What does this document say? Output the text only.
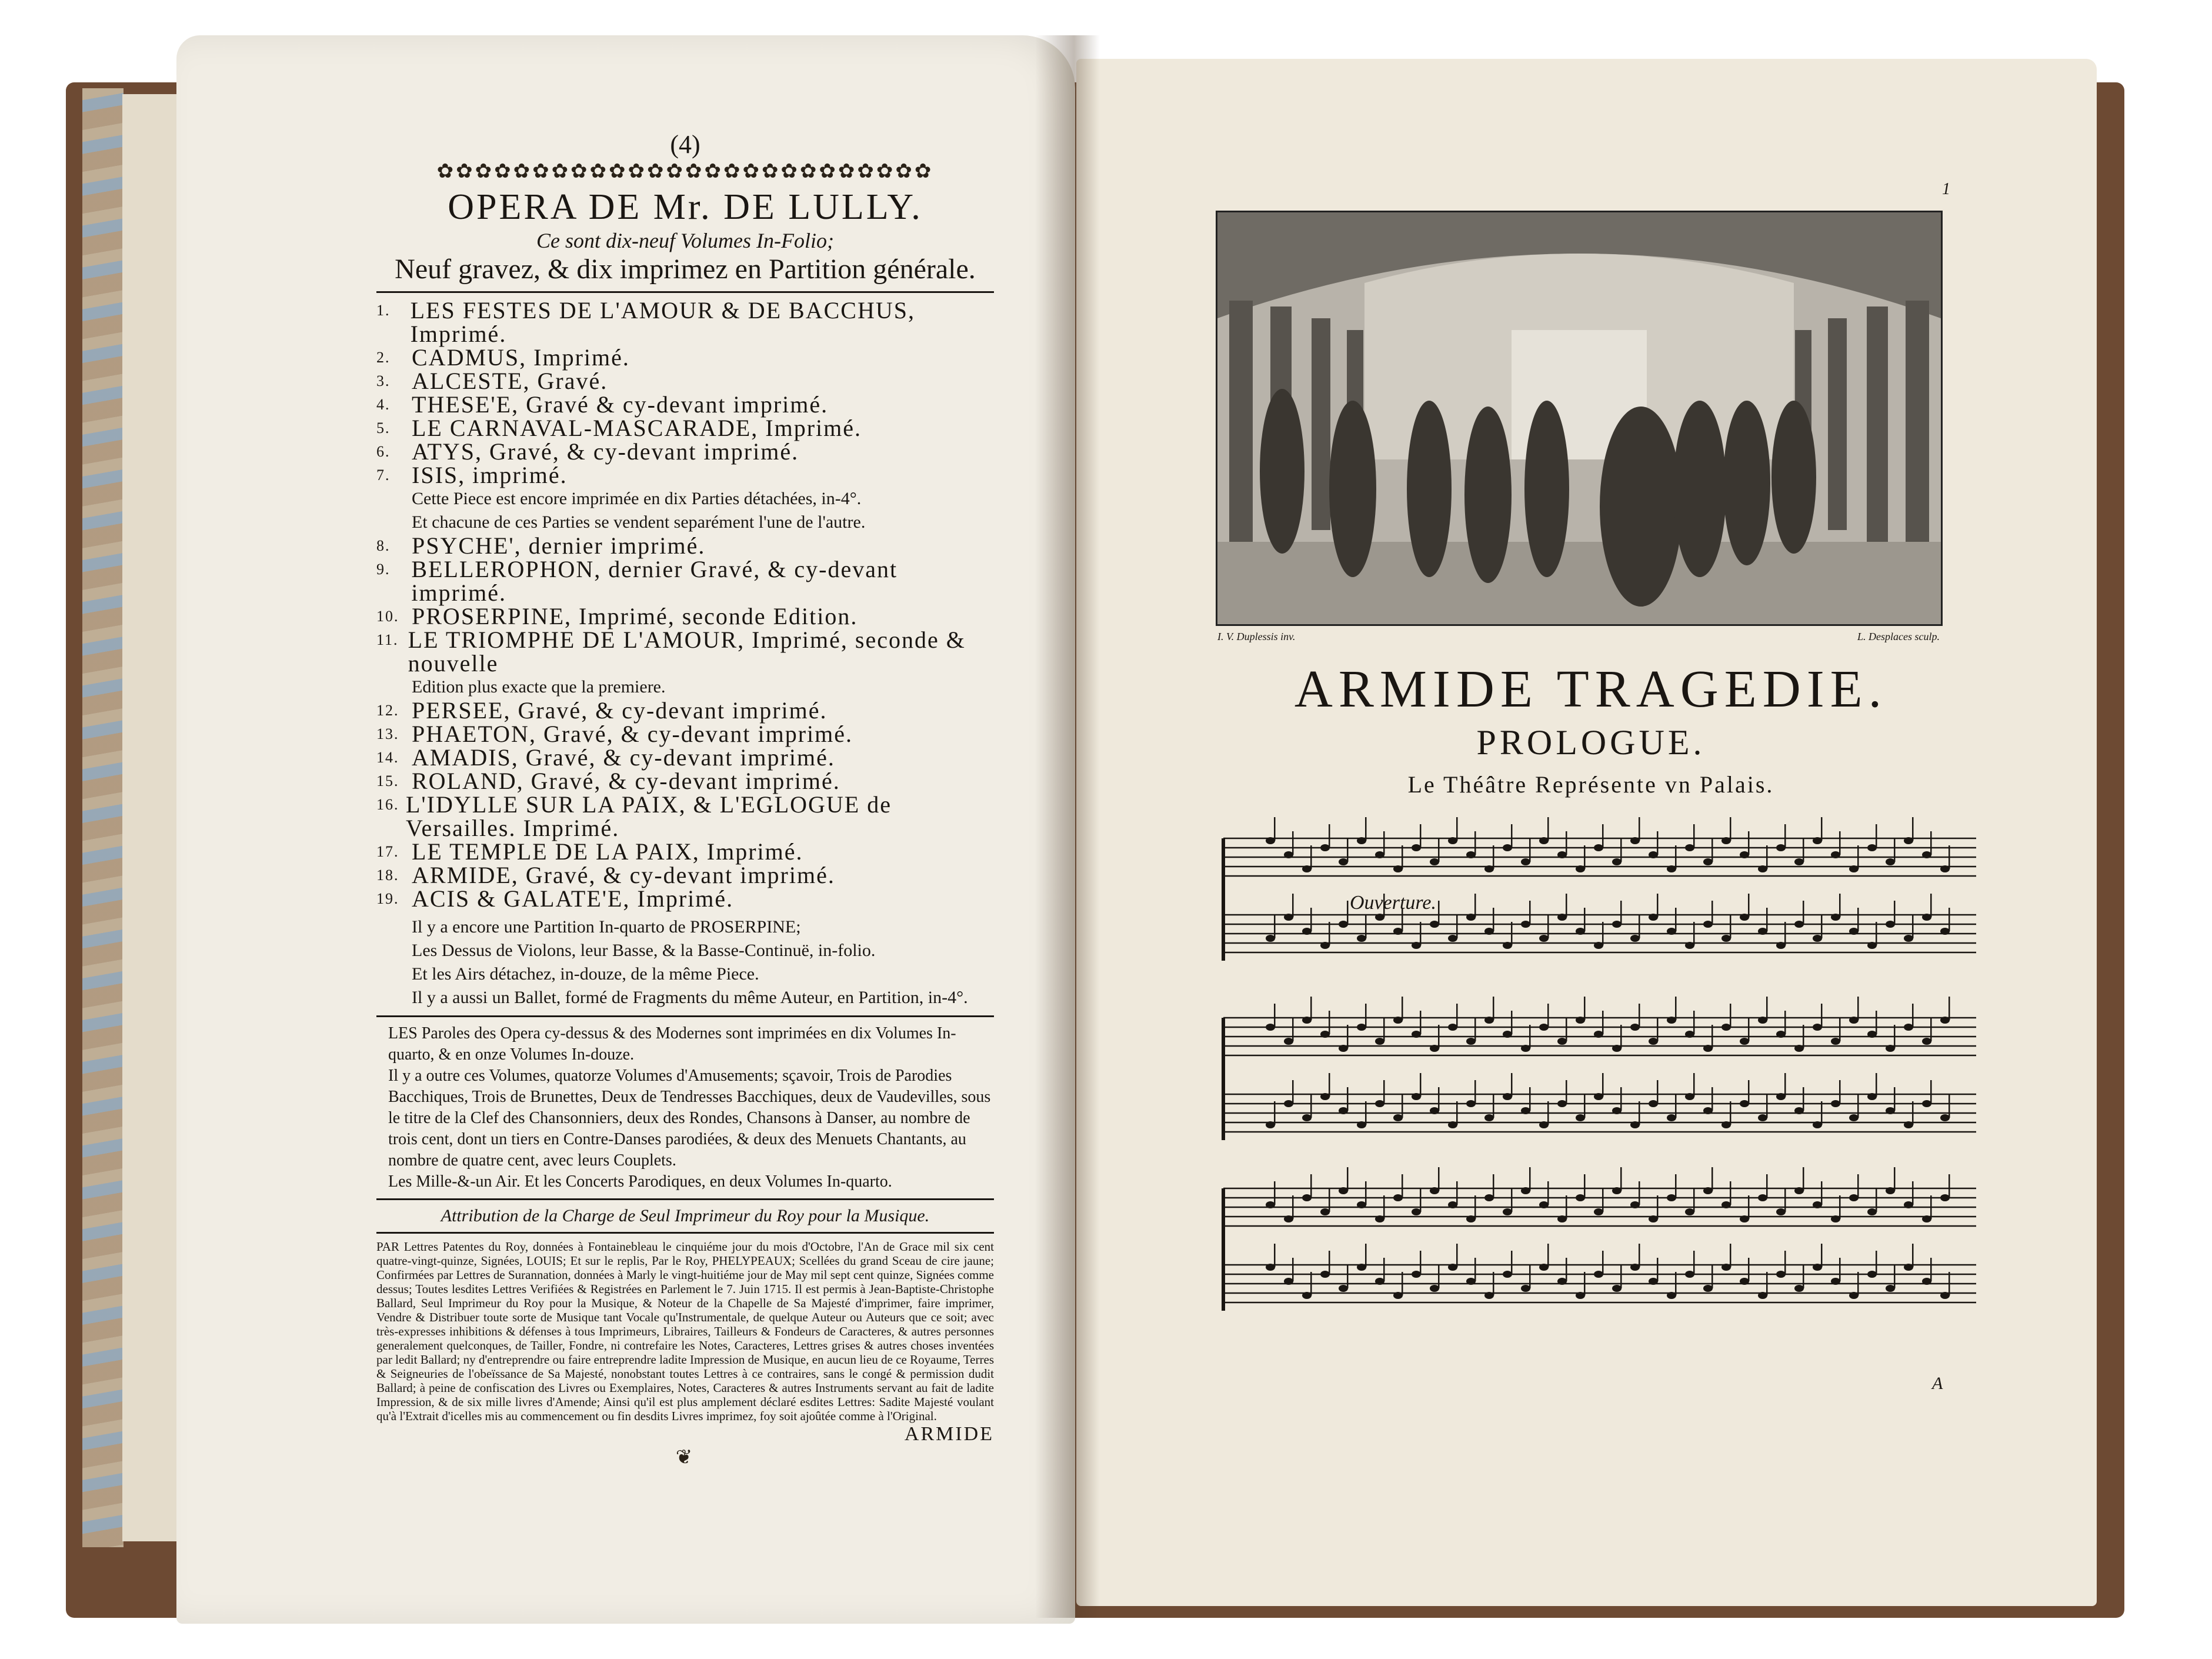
(4)
✿✿✿✿✿✿✿✿✿✿✿✿✿✿✿✿✿✿✿✿✿✿✿✿✿✿
OPERA DE Mr. DE LULLY.
Ce sont dix-neuf Volumes In-Folio;
Neuf gravez, & dix imprimez en Partition générale.
1. LES FESTES DE L'AMOUR & DE BACCHUS, Imprimé.
2. CADMUS, Imprimé.
3. ALCESTE, Gravé.
4. THESE'E, Gravé & cy-devant imprimé.
5. LE CARNAVAL-MASCARADE, Imprimé.
6. ATYS, Gravé, & cy-devant imprimé.
7. ISIS, imprimé.
Cette Piece est encore imprimée en dix Parties détachées, in-4°.
Et chacune de ces Parties se vendent separément l'une de l'autre.
8. PSYCHE', dernier imprimé.
9. BELLEROPHON, dernier Gravé, & cy-devant imprimé.
10. PROSERPINE, Imprimé, seconde Edition.
11. LE TRIOMPHE DE L'AMOUR, Imprimé, seconde & nouvelle
Edition plus exacte que la premiere.
12. PERSEE, Gravé, & cy-devant imprimé.
13. PHAETON, Gravé, & cy-devant imprimé.
14. AMADIS, Gravé, & cy-devant imprimé.
15. ROLAND, Gravé, & cy-devant imprimé.
16. L'IDYLLE SUR LA PAIX, & L'EGLOGUE de Versailles. Imprimé.
17. LE TEMPLE DE LA PAIX, Imprimé.
18. ARMIDE, Gravé, & cy-devant imprimé.
19. ACIS & GALATE'E, Imprimé.
Il y a encore une Partition In-quarto de PROSERPINE;
Les Dessus de Violons, leur Basse, & la Basse-Continuë, in-folio.
Et les Airs détachez, in-douze, de la même Piece.
Il y a aussi un Ballet, formé de Fragments du même Auteur, en Partition, in-4°.
LES Paroles des Opera cy-dessus & des Modernes sont imprimées en dix Volumes In-quarto, & en onze Volumes In-douze.
Il y a outre ces Volumes, quatorze Volumes d'Amusements; sçavoir, Trois de Parodies Bacchiques, Trois de Brunettes, Deux de Tendresses Bacchiques, deux de Vaudevilles, sous le titre de la Clef des Chansonniers, deux des Rondes, Chansons à Danser, au nombre de trois cent, dont un tiers en Contre-Danses parodiées, & deux des Menuets Chantants, au nombre de quatre cent, avec leurs Couplets.
Les Mille-&-un Air. Et les Concerts Parodiques, en deux Volumes In-quarto.
Attribution de la Charge de Seul Imprimeur du Roy pour la Musique.
PAR Lettres Patentes du Roy, données à Fontainebleau le cinquiéme jour du mois d'Octobre, l'An de Grace mil six cent quatre-vingt-quinze, Signées, LOUIS; Et sur le replis, Par le Roy, PHELYPEAUX; Scellées du grand Sceau de cire jaune; Confirmées par Lettres de Surannation, données à Marly le vingt-huitiéme jour de May mil sept cent quinze, Signées comme dessus; Toutes lesdites Lettres Verifiées & Registrées en Parlement le 7. Juin 1715. Il est permis à Jean-Baptiste-Christophe Ballard, Seul Imprimeur du Roy pour la Musique, & Noteur de la Chapelle de Sa Majesté d'imprimer, faire imprimer, Vendre & Distribuer toute sorte de Musique tant Vocale qu'Instrumentale, de quelque Auteur ou Auteurs que ce soit; avec très-expresses inhibitions & défenses à tous Imprimeurs, Libraires, Tailleurs & Fondeurs de Caracteres, & autres personnes generalement quelconques, de Tailler, Fondre, ni contrefaire les Notes, Caracteres, Lettres grises & autres choses inventées par ledit Ballard; ny d'entreprendre ou faire entreprendre ladite Impression de Musique, en aucun lieu de ce Royaume, Terres & Seigneuries de l'obeïssance de Sa Majesté, nonobstant toutes Lettres à ce contraires, sans le congé & permission dudit Ballard; à peine de confiscation des Livres ou Exemplaires, Notes, Caracteres & autres Instruments servant au fait de ladite Impression, & de six mille livres d'Amende; Ainsi qu'il est plus amplement déclaré esdites Lettres: Sadite Majesté voulant qu'à l'Extrait d'icelles mis au commencement ou fin desdits Livres imprimez, foy soit ajoûtée comme à l'Original.
ARMIDE
❦
1
I. V. Duplessis inv.	L. Desplaces sculp.
ARMIDE TRAGEDIE.
PROLOGUE.
Le Théâtre Représente vn Palais.
Ouverture.
A
